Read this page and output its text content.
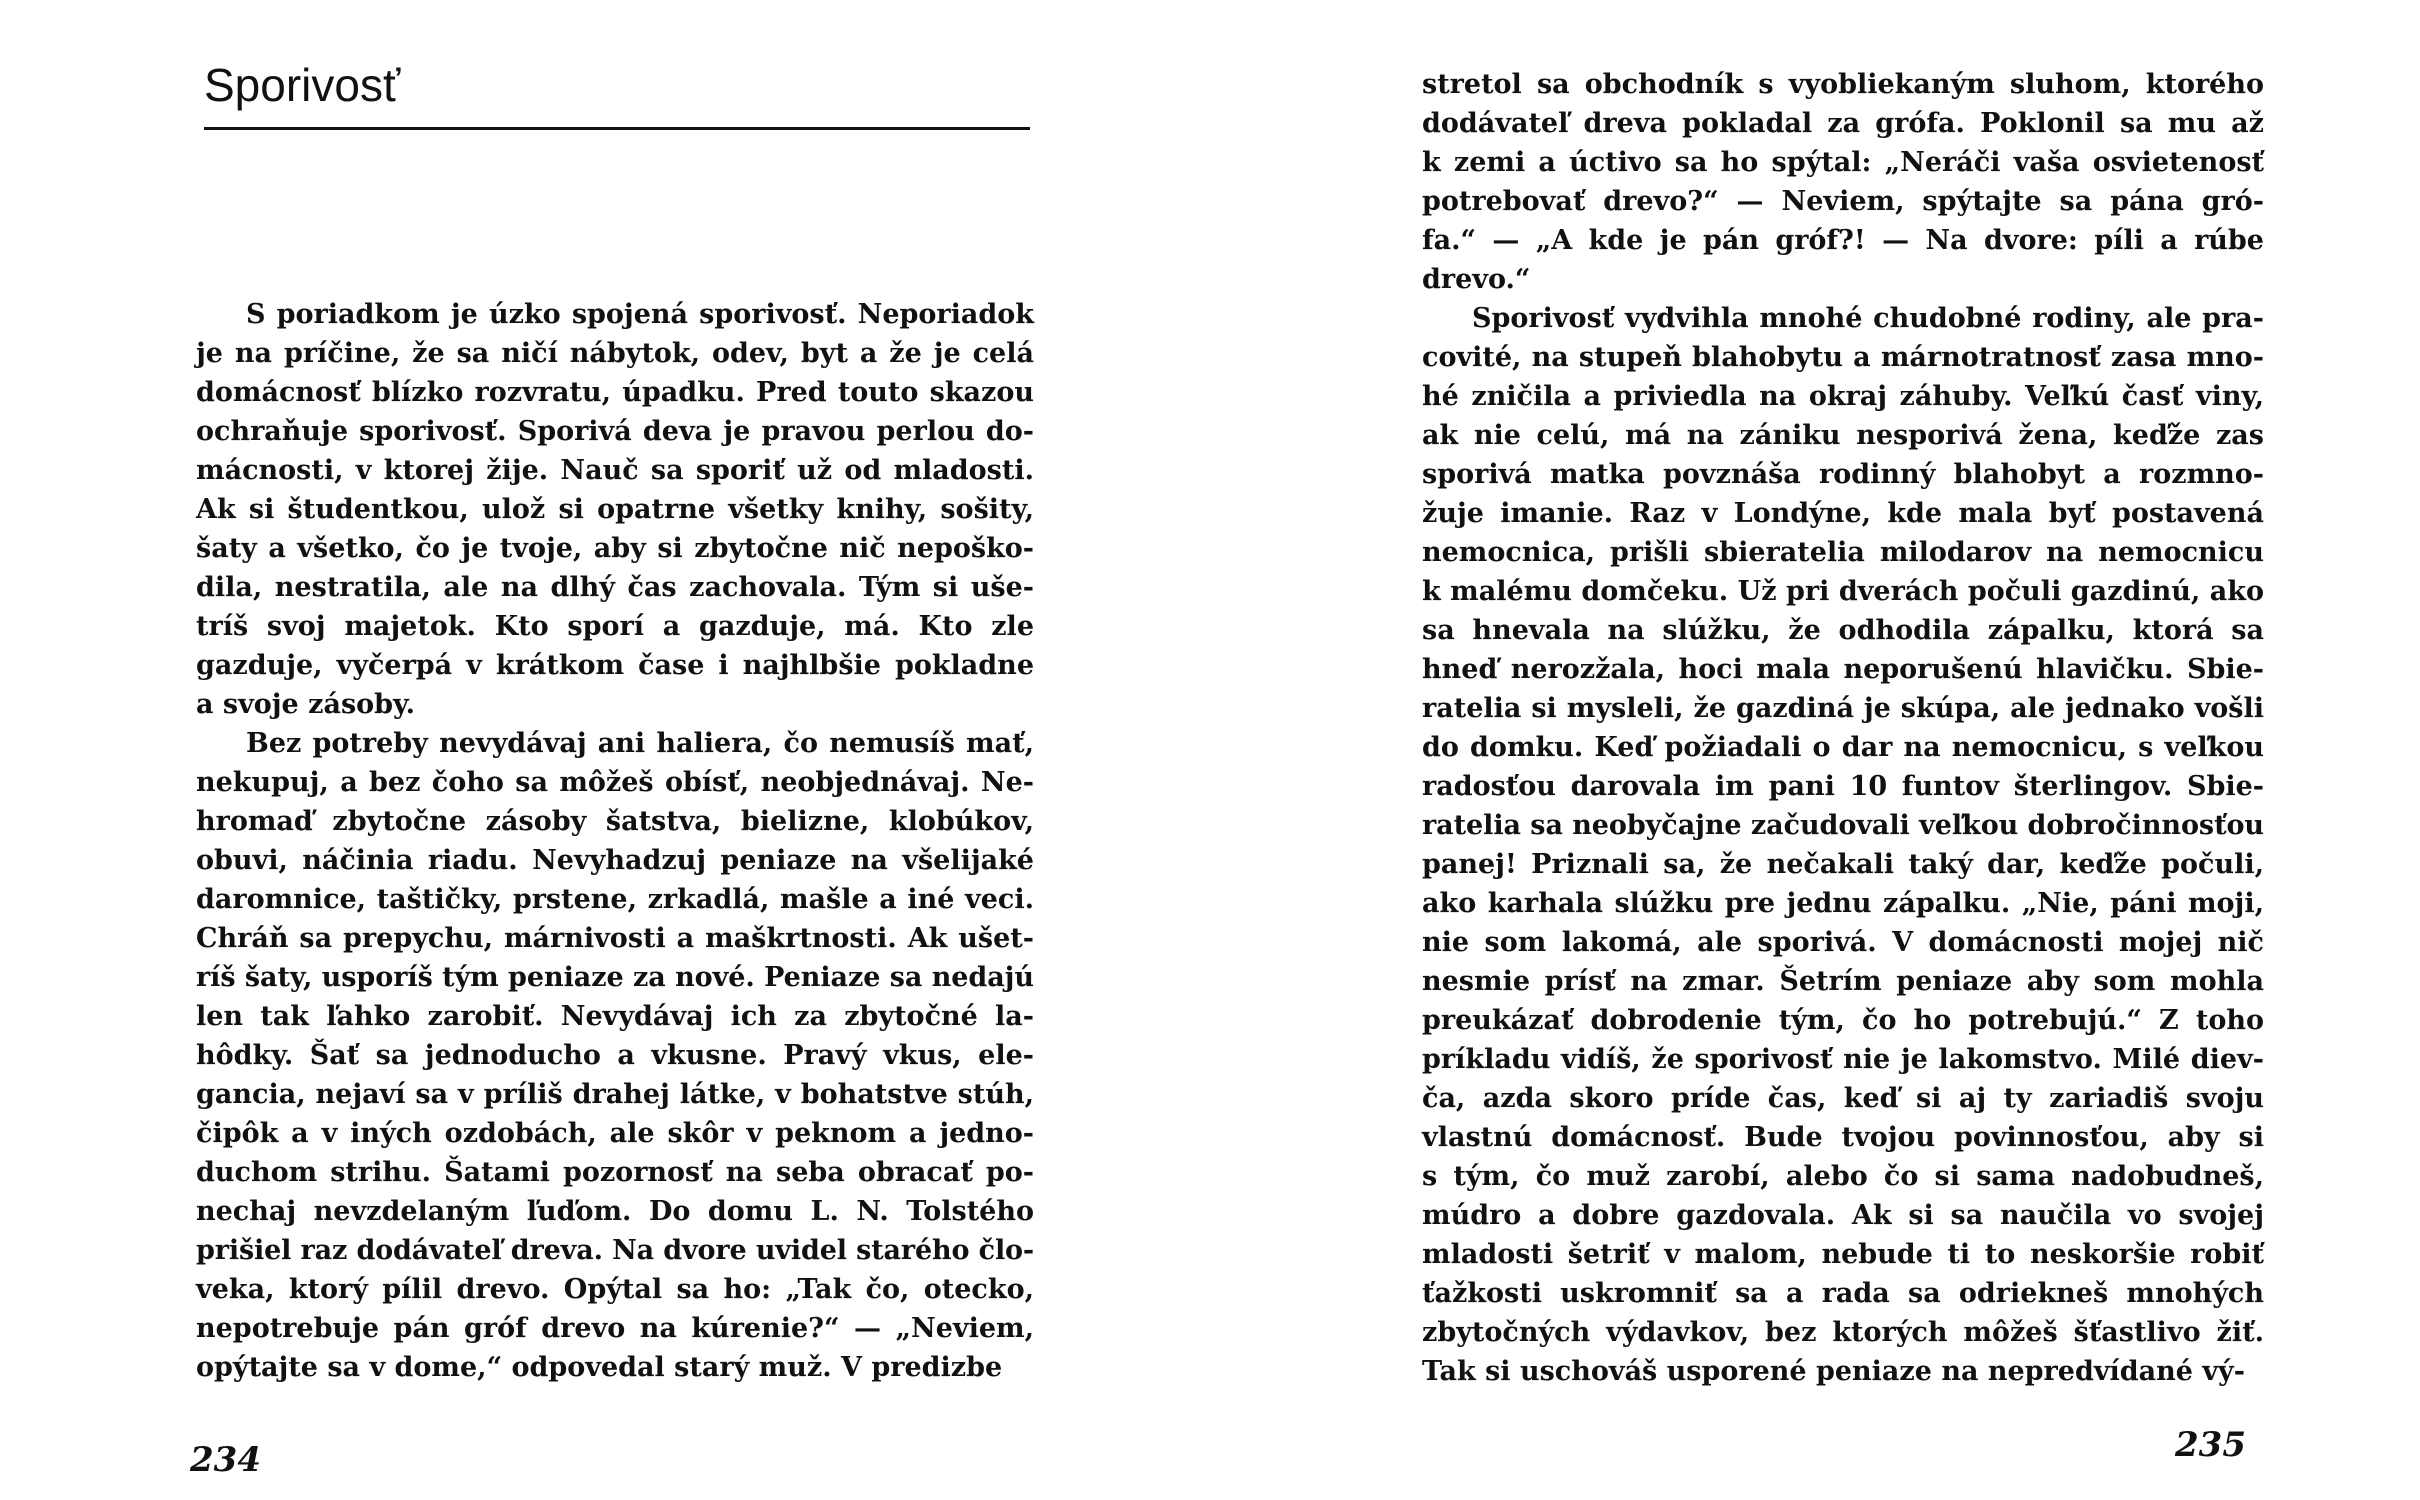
Sporivosť
S poriadkom je úzko spojená sporivosť. Neporiadok
je na príčine, že sa ničí nábytok, odev, byt a že je celá
domácnosť blízko rozvratu, úpadku. Pred touto skazou
ochraňuje sporivosť. Sporivá deva je pravou perlou do-
mácnosti, v ktorej žije. Nauč sa sporiť už od mladosti.
Ak si študentkou, ulož si opatrne všetky knihy, sošity,
šaty a všetko, čo je tvoje, aby si zbytočne nič nepoško-
dila, nestratila, ale na dlhý čas zachovala. Tým si uše-
tríš svoj majetok. Kto sporí a gazduje, má. Kto zle
gazduje, vyčerpá v krátkom čase i najhlbšie pokladne
a svoje zásoby.
Bez potreby nevydávaj ani haliera, čo nemusíš mať,
nekupuj, a bez čoho sa môžeš obísť, neobjednávaj. Ne-
hromaď zbytočne zásoby šatstva, bielizne, klobúkov,
obuvi, náčinia riadu. Nevyhadzuj peniaze na všelijaké
daromnice, taštičky, prstene, zrkadlá, mašle a iné veci.
Chráň sa prepychu, márnivosti a maškrtnosti. Ak ušet-
ríš šaty, usporíš tým peniaze za nové. Peniaze sa nedajú
len tak ľahko zarobiť. Nevydávaj ich za zbytočné la-
hôdky. Šať sa jednoducho a vkusne. Pravý vkus, ele-
gancia, nejaví sa v príliš drahej látke, v bohatstve stúh,
čipôk a v iných ozdobách, ale skôr v peknom a jedno-
duchom strihu. Šatami pozornosť na seba obracať po-
nechaj nevzdelaným ľuďom. Do domu L. N. Tolstého
prišiel raz dodávateľ dreva. Na dvore uvidel starého člo-
veka, ktorý pílil drevo. Opýtal sa ho: „Tak čo, otecko,
nepotrebuje pán gróf drevo na kúrenie?“ — „Neviem,
opýtajte sa v dome,“ odpovedal starý muž. V predizbe

234

stretol sa obchodník s vyobliekaným sluhom, ktorého
dodávateľ dreva pokladal za grófa. Poklonil sa mu až
k zemi a úctivo sa ho spýtal: „Neráči vaša osvietenosť
potrebovať drevo?“ — Neviem, spýtajte sa pána gró-
fa.“ — „A kde je pán gróf?! — Na dvore: píli a rúbe
drevo.“
Sporivosť vydvihla mnohé chudobné rodiny, ale pra-
covité, na stupeň blahobytu a márnotratnosť zasa mno-
hé zničila a priviedla na okraj záhuby. Veľkú časť viny,
ak nie celú, má na zániku nesporivá žena, keďže zas
sporivá matka povznáša rodinný blahobyt a rozmno-
žuje imanie. Raz v Londýne, kde mala byť postavená
nemocnica, prišli sbieratelia milodarov na nemocnicu
k malému domčeku. Už pri dverách počuli gazdinú, ako
sa hnevala na slúžku, že odhodila zápalku, ktorá sa
hneď nerozžala, hoci mala neporušenú hlavičku. Sbie-
ratelia si mysleli, že gazdiná je skúpa, ale jednako vošli
do domku. Keď požiadali o dar na nemocnicu, s veľkou
radosťou darovala im pani 10 funtov šterlingov. Sbie-
ratelia sa neobyčajne začudovali veľkou dobročinnosťou
panej! Priznali sa, že nečakali taký dar, keďže počuli,
ako karhala slúžku pre jednu zápalku. „Nie, páni moji,
nie som lakomá, ale sporivá. V domácnosti mojej nič
nesmie prísť na zmar. Šetrím peniaze aby som mohla
preukázať dobrodenie tým, čo ho potrebujú.“ Z toho
príkladu vidíš, že sporivosť nie je lakomstvo. Milé diev-
ča, azda skoro príde čas, keď si aj ty zariadiš svoju
vlastnú domácnosť. Bude tvojou povinnosťou, aby si
s tým, čo muž zarobí, alebo čo si sama nadobudneš,
múdro a dobre gazdovala. Ak si sa naučila vo svojej
mladosti šetriť v malom, nebude ti to neskoršie robiť
ťažkosti uskromniť sa a rada sa odriekneš mnohých
zbytočných výdavkov, bez ktorých môžeš šťastlivo žiť.
Tak si uschováš usporené peniaze na nepredvídané vý-

235
